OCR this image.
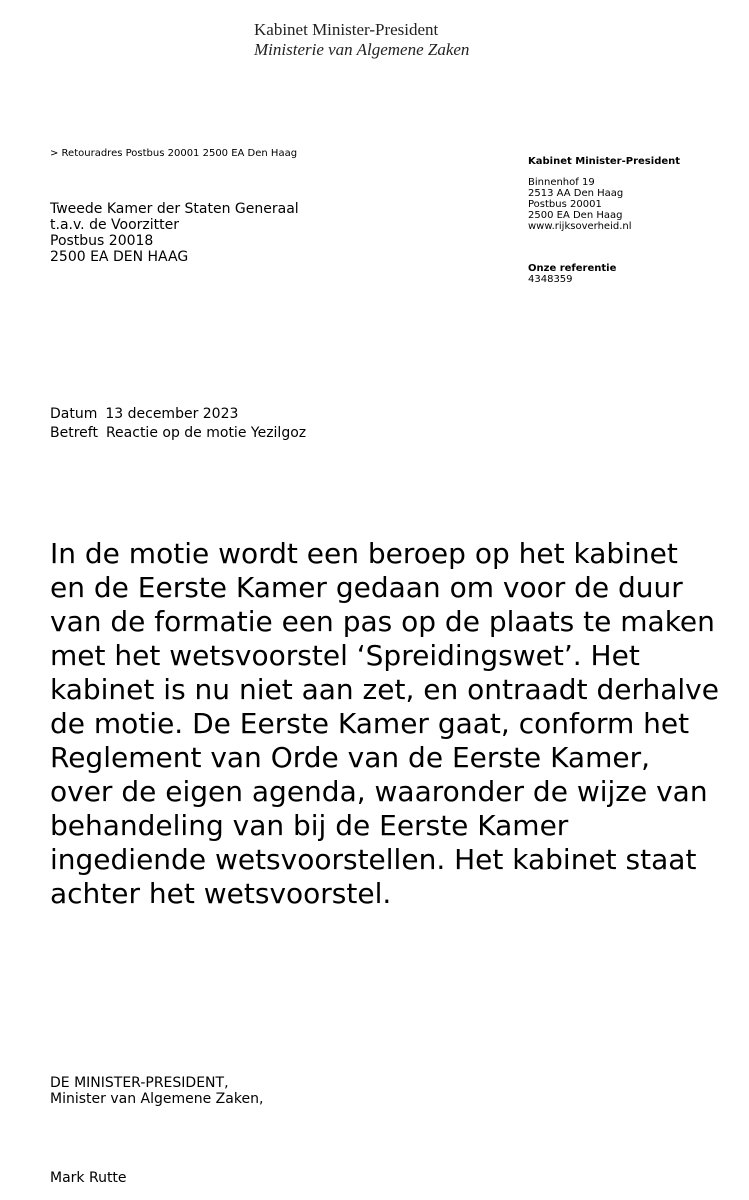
Kabinet Minister-President
Ministerie van Algemene Zaken
> Retouradres Postbus 20001 2500 EA Den Haag
Tweede Kamer der Staten Generaal
t.a.v. de Voorzitter
Postbus 20018
2500 EA DEN HAAG
Kabinet Minister-President
Binnenhof 19
2513 AA Den Haag
Postbus 20001
2500 EA Den Haag
www.rijksoverheid.nl
Onze referentie
4348359
Datum 13 december 2023
Betreft Reactie op de motie Yezilgoz
In de motie wordt een beroep op het kabinet en de Eerste Kamer gedaan om voor de duur van de formatie een pas op de plaats te maken met het wetsvoorstel ‘Spreidingswet’. Het kabinet is nu niet aan zet, en ontraadt derhalve de motie. De Eerste Kamer gaat, conform het Reglement van Orde van de Eerste Kamer, over de eigen agenda, waaronder de wijze van behandeling van bij de Eerste Kamer ingediende wetsvoorstellen. Het kabinet staat achter het wetsvoorstel.
DE MINISTER-PRESIDENT,
Minister van Algemene Zaken,
Mark Rutte
